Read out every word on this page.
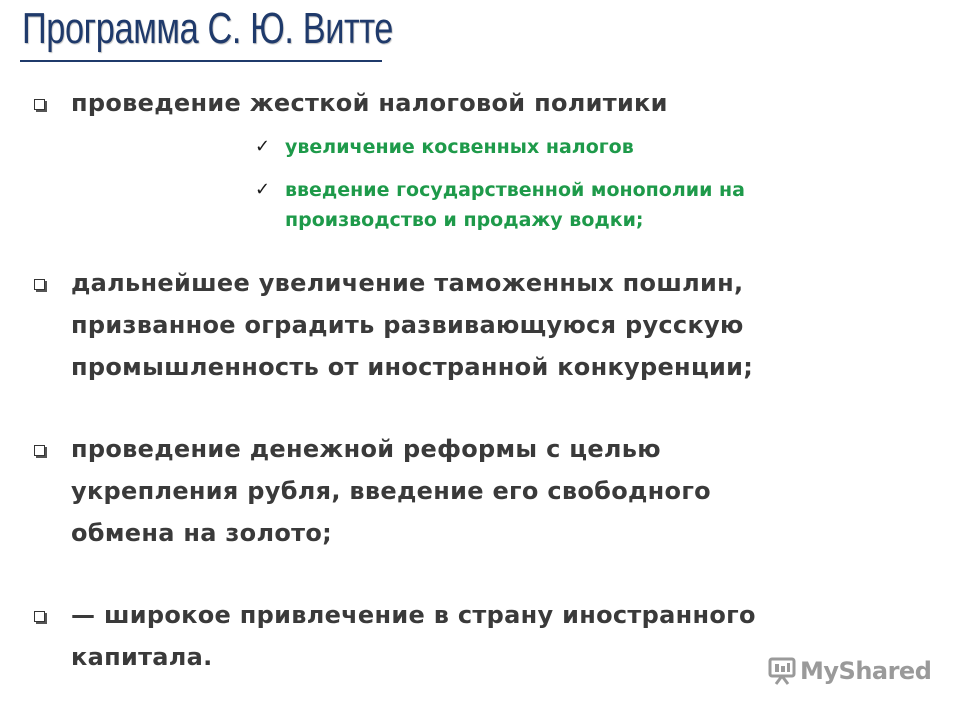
Программа С. Ю. Витте
проведение жесткой налоговой политики
✓ увеличение косвенных налогов
✓ введение государственной монополии на
производство и продажу водки;
дальнейшее увеличение таможенных пошлин,
призванное оградить развивающуюся русскую
промышленность от иностранной конкуренции;
проведение денежной реформы с целью
укрепления рубля, введение его свободного
обмена на золото;
— широкое привлечение в страну иностранного
капитала.	MyShared
